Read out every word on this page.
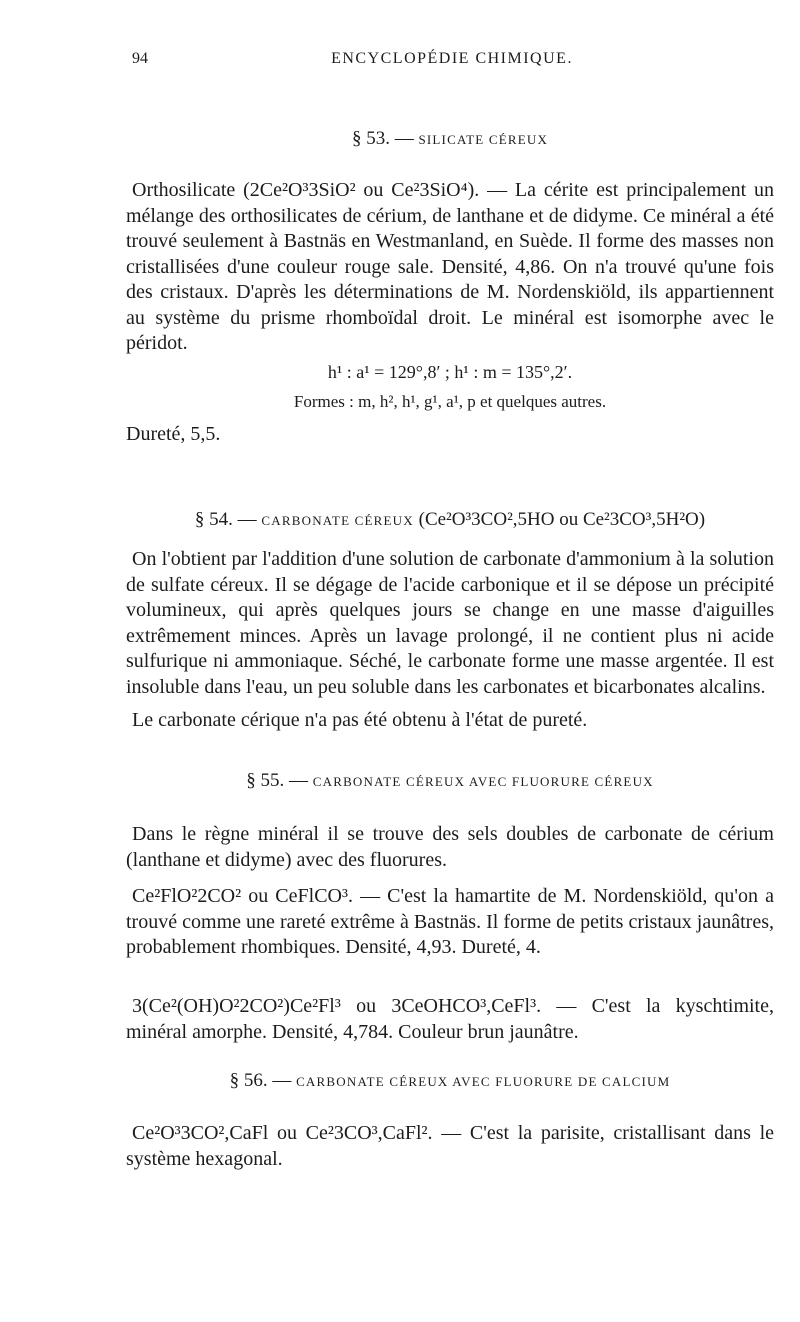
94	ENCYCLOPÉDIE CHIMIQUE.
§ 53. — SILICATE CÉREUX
Orthosilicate (2Ce²O³3SiO² ou Ce²3SiO⁴). — La cérite est principalement un mélange des orthosilicates de cérium, de lanthane et de didyme. Ce minéral a été trouvé seulement à Bastnäs en Westmanland, en Suède. Il forme des masses non cristallisées d'une couleur rouge sale. Densité, 4,86. On n'a trouvé qu'une fois des cristaux. D'après les déterminations de M. Nordenskiöld, ils appartiennent au système du prisme rhomboïdal droit. Le minéral est isomorphe avec le péridot.
h¹ : a¹ = 129°,8′ ; h¹ : m = 135°,2′.
Formes : m, h², h¹, g¹, a¹, p et quelques autres.
Dureté, 5,5.
§ 54. — CARBONATE CÉREUX (Ce²O³3CO²,5HO ou Ce²3CO³,5H²O)
On l'obtient par l'addition d'une solution de carbonate d'ammonium à la solution de sulfate céreux. Il se dégage de l'acide carbonique et il se dépose un précipité volumineux, qui après quelques jours se change en une masse d'aiguilles extrêmement minces. Après un lavage prolongé, il ne contient plus ni acide sulfurique ni ammoniaque. Séché, le carbonate forme une masse argentée. Il est insoluble dans l'eau, un peu soluble dans les carbonates et bicarbonates alcalins.
Le carbonate cérique n'a pas été obtenu à l'état de pureté.
§ 55. — CARBONATE CÉREUX AVEC FLUORURE CÉREUX
Dans le règne minéral il se trouve des sels doubles de carbonate de cérium (lanthane et didyme) avec des fluorures.
Ce²FlO²2CO² ou CeFlCO³. — C'est la hamartite de M. Nordenskiöld, qu'on a trouvé comme une rareté extrême à Bastnäs. Il forme de petits cristaux jaunâtres, probablement rhombiques. Densité, 4,93. Dureté, 4.
3(Ce²(OH)O²2CO²)Ce²Fl³ ou 3CeOHCO³,CeFl³. — C'est la kyschtimite, minéral amorphe. Densité, 4,784. Couleur brun jaunâtre.
§ 56. — CARBONATE CÉREUX AVEC FLUORURE DE CALCIUM
Ce²O³3CO²,CaFl ou Ce²3CO³,CaFl². — C'est la parisite, cristallisant dans le système hexagonal.
